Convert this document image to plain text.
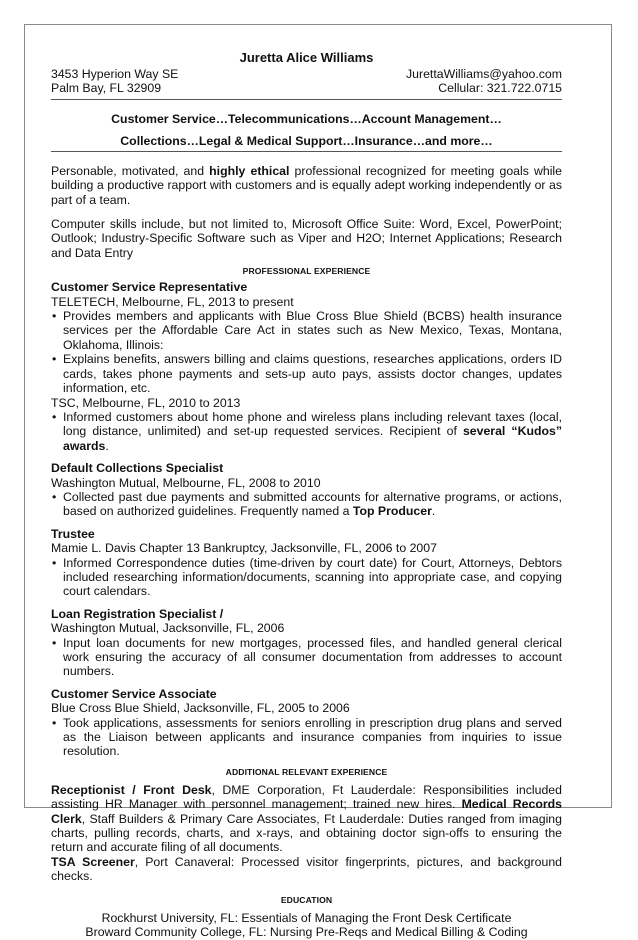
Juretta Alice Williams
3453 Hyperion Way SE	JurettaWilliams@yahoo.com
Palm Bay, FL 32909	Cellular: 321.722.0715
Customer Service…Telecommunications…Account Management…
Collections…Legal & Medical Support…Insurance…and more…

Personable, motivated, and highly ethical professional recognized for meeting goals while building a productive rapport with customers and is equally adept working independently or as part of a team.

Computer skills include, but not limited to, Microsoft Office Suite: Word, Excel, PowerPoint; Outlook; Industry-Specific Software such as Viper and H2O; Internet Applications; Research and Data Entry

PROFESSIONAL EXPERIENCE
Customer Service Representative
TELETECH, Melbourne, FL, 2013 to present
• Provides members and applicants with Blue Cross Blue Shield (BCBS) health insurance services per the Affordable Care Act in states such as New Mexico, Texas, Montana, Oklahoma, Illinois:
• Explains benefits, answers billing and claims questions, researches applications, orders ID cards, takes phone payments and sets-up auto pays, assists doctor changes, updates information, etc.
TSC, Melbourne, FL, 2010 to 2013
• Informed customers about home phone and wireless plans including relevant taxes (local, long distance, unlimited) and set-up requested services. Recipient of several “Kudos” awards.
Default Collections Specialist
Washington Mutual, Melbourne, FL, 2008 to 2010
• Collected past due payments and submitted accounts for alternative programs, or actions, based on authorized guidelines. Frequently named a Top Producer.
Trustee
Mamie L. Davis Chapter 13 Bankruptcy, Jacksonville, FL, 2006 to 2007
• Informed Correspondence duties (time-driven by court date) for Court, Attorneys, Debtors included researching information/documents, scanning into appropriate case, and copying court calendars.
Loan Registration Specialist /
Washington Mutual, Jacksonville, FL, 2006
• Input loan documents for new mortgages, processed files, and handled general clerical work ensuring the accuracy of all consumer documentation from addresses to account numbers.
Customer Service Associate
Blue Cross Blue Shield, Jacksonville, FL, 2005 to 2006
• Took applications, assessments for seniors enrolling in prescription drug plans and served as the Liaison between applicants and insurance companies from inquiries to issue resolution.
ADDITIONAL RELEVANT EXPERIENCE

Receptionist / Front Desk, DME Corporation, Ft Lauderdale: Responsibilities included assisting HR Manager with personnel management; trained new hires. Medical Records Clerk, Staff Builders & Primary Care Associates, Ft Lauderdale: Duties ranged from imaging charts, pulling records, charts, and x-rays, and obtaining doctor sign-offs to ensuring the return and accurate filing of all documents.

TSA Screener, Port Canaveral: Processed visitor fingerprints, pictures, and background checks.

EDUCATION
Rockhurst University, FL: Essentials of Managing the Front Desk Certificate
Broward Community College, FL: Nursing Pre-Reqs and Medical Billing & Coding
